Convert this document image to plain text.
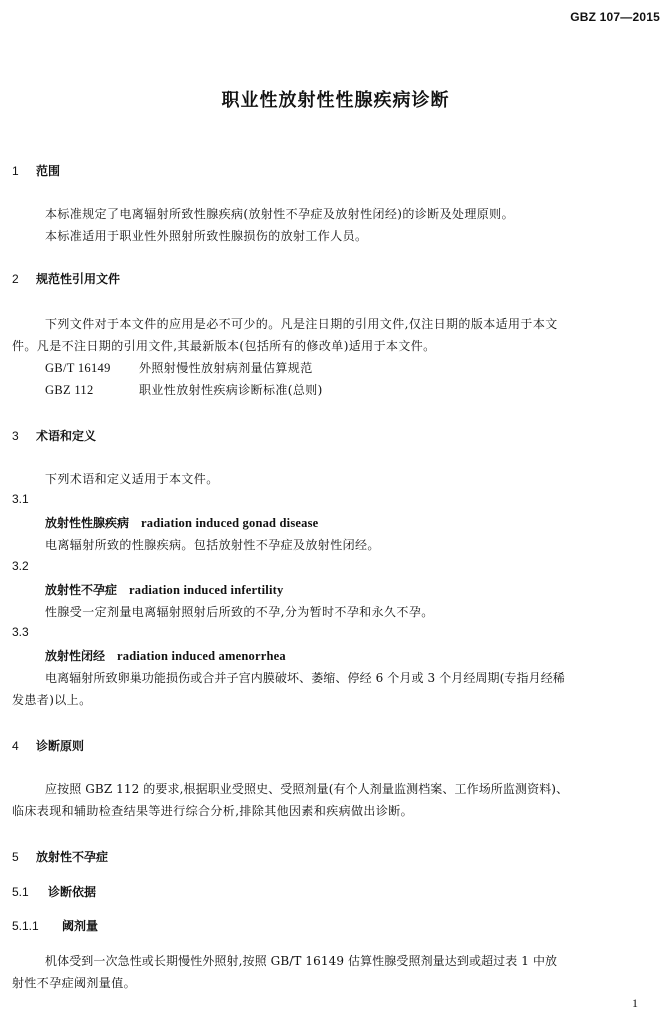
GBZ 107—2015
职业性放射性性腺疾病诊断
1 范围
本标准规定了电离辐射所致性腺疾病(放射性不孕症及放射性闭经)的诊断及处理原则。
本标准适用于职业性外照射所致性腺损伤的放射工作人员。
2 规范性引用文件
下列文件对于本文件的应用是必不可少的。凡是注日期的引用文件,仅注日期的版本适用于本文
件。凡是不注日期的引用文件,其最新版本(包括所有的修改单)适用于本文件。
GB/T 16149 外照射慢性放射病剂量估算规范
GBZ 112	职业性放射性疾病诊断标准(总则)
3 术语和定义
下列术语和定义适用于本文件。
3.1
放射性性腺疾病 radiation induced gonad disease
电离辐射所致的性腺疾病。包括放射性不孕症及放射性闭经。
3.2
放射性不孕症 radiation induced infertility
性腺受一定剂量电离辐射照射后所致的不孕,分为暂时不孕和永久不孕。
3.3
放射性闭经 radiation induced amenorrhea
电离辐射所致卵巢功能损伤或合并子宫内膜破坏、萎缩、停经 6 个月或 3 个月经周期(专指月经稀
发患者)以上。
4 诊断原则
应按照 GBZ 112 的要求,根据职业受照史、受照剂量(有个人剂量监测档案、工作场所监测资料)、
临床表现和辅助检查结果等进行综合分析,排除其他因素和疾病做出诊断。
5 放射性不孕症
5.1 诊断依据
5.1.1 阈剂量
机体受到一次急性或长期慢性外照射,按照 GB/T 16149 估算性腺受照剂量达到或超过表 1 中放
射性不孕症阈剂量值。
1
